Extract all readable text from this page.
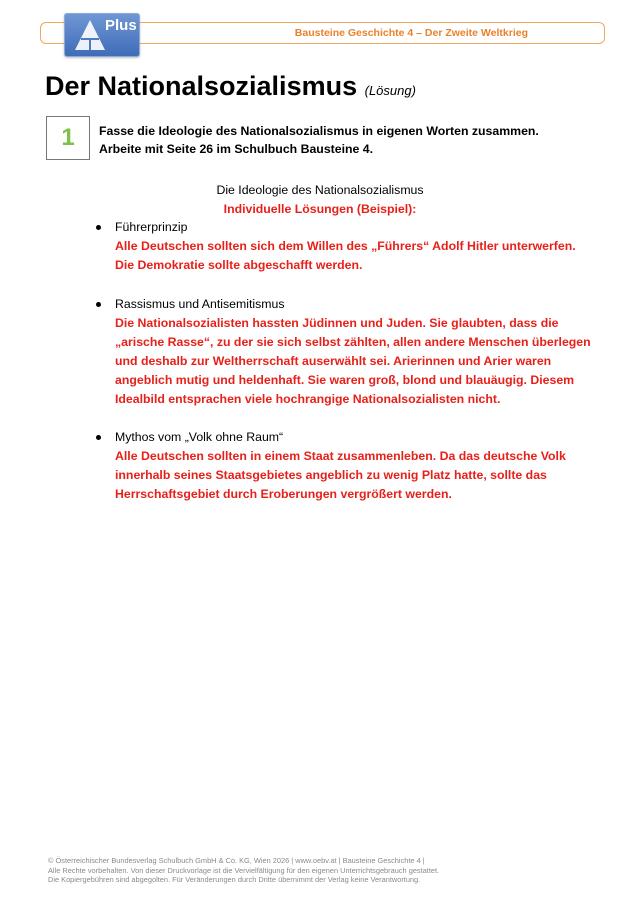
Plus	Bausteine Geschichte 4 – Der Zweite Weltkrieg
Der Nationalsozialismus (Lösung)
1 Fasse die Ideologie des Nationalsozialismus in eigenen Worten zusammen.
Arbeite mit Seite 26 im Schulbuch Bausteine 4.
Die Ideologie des Nationalsozialismus
Individuelle Lösungen (Beispiel):
Führerprinzip
Alle Deutschen sollten sich dem Willen des „Führers“ Adolf Hitler unterwerfen. Die Demokratie sollte abgeschafft werden.
Rassismus und Antisemitismus
Die Nationalsozialisten hassten Jüdinnen und Juden. Sie glaubten, dass die „arische Rasse“, zu der sie sich selbst zählten, allen andere Menschen überlegen und deshalb zur Weltherrschaft auserwählt sei. Arierinnen und Arier waren angeblich mutig und heldenhaft. Sie waren groß, blond und blauäugig. Diesem Idealbild entsprachen viele hochrangige Nationalsozialisten nicht.
Mythos vom „Volk ohne Raum“
Alle Deutschen sollten in einem Staat zusammenleben. Da das deutsche Volk innerhalb seines Staatsgebietes angeblich zu wenig Platz hatte, sollte das Herrschaftsgebiet durch Eroberungen vergrößert werden.

© Österreichischer Bundesverlag Schulbuch GmbH & Co. KG, Wien 2026 | www.oebv.at | Bausteine Geschichte 4 |

Alle Rechte vorbehalten. Von dieser Druckvorlage ist die Vervielfältigung für den eigenen Unterrichtsgebrauch gestattet.

Die Kopiergebühren sind abgegolten. Für Veränderungen durch Dritte übernimmt der Verlag keine Verantwortung.
